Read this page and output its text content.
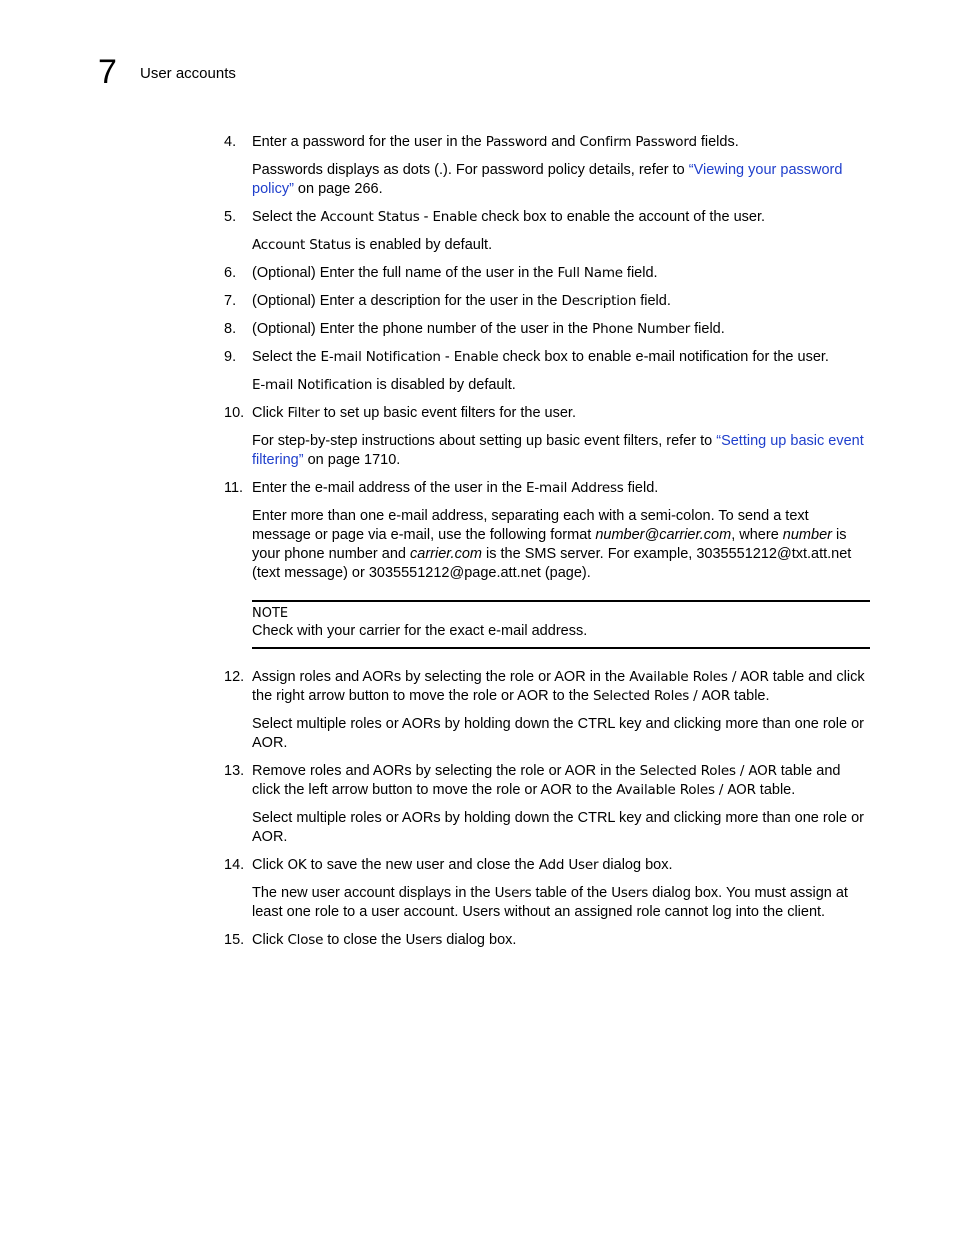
7 User accounts
4. Enter a password for the user in the Password and Confirm Password fields.
Passwords displays as dots (.). For password policy details, refer to “Viewing your password policy” on page 266.
5. Select the Account Status - Enable check box to enable the account of the user.
Account Status is enabled by default.
6. (Optional) Enter the full name of the user in the Full Name field.
7. (Optional) Enter a description for the user in the Description field.
8. (Optional) Enter the phone number of the user in the Phone Number field.
9. Select the E-mail Notification - Enable check box to enable e-mail notification for the user.
E-mail Notification is disabled by default.
10. Click Filter to set up basic event filters for the user.
For step-by-step instructions about setting up basic event filters, refer to “Setting up basic event filtering” on page 1710.
11. Enter the e-mail address of the user in the E-mail Address field.
Enter more than one e-mail address, separating each with a semi-colon. To send a text message or page via e-mail, use the following format number@carrier.com, where number is your phone number and carrier.com is the SMS server. For example, 3035551212@txt.att.net (text message) or 3035551212@page.att.net (page).
NOTE
Check with your carrier for the exact e-mail address.
12. Assign roles and AORs by selecting the role or AOR in the Available Roles / AOR table and click the right arrow button to move the role or AOR to the Selected Roles / AOR table.
Select multiple roles or AORs by holding down the CTRL key and clicking more than one role or AOR.
13. Remove roles and AORs by selecting the role or AOR in the Selected Roles / AOR table and click the left arrow button to move the role or AOR to the Available Roles / AOR table.
Select multiple roles or AORs by holding down the CTRL key and clicking more than one role or AOR.
14. Click OK to save the new user and close the Add User dialog box.
The new user account displays in the Users table of the Users dialog box. You must assign at least one role to a user account. Users without an assigned role cannot log into the client.
15. Click Close to close the Users dialog box.
